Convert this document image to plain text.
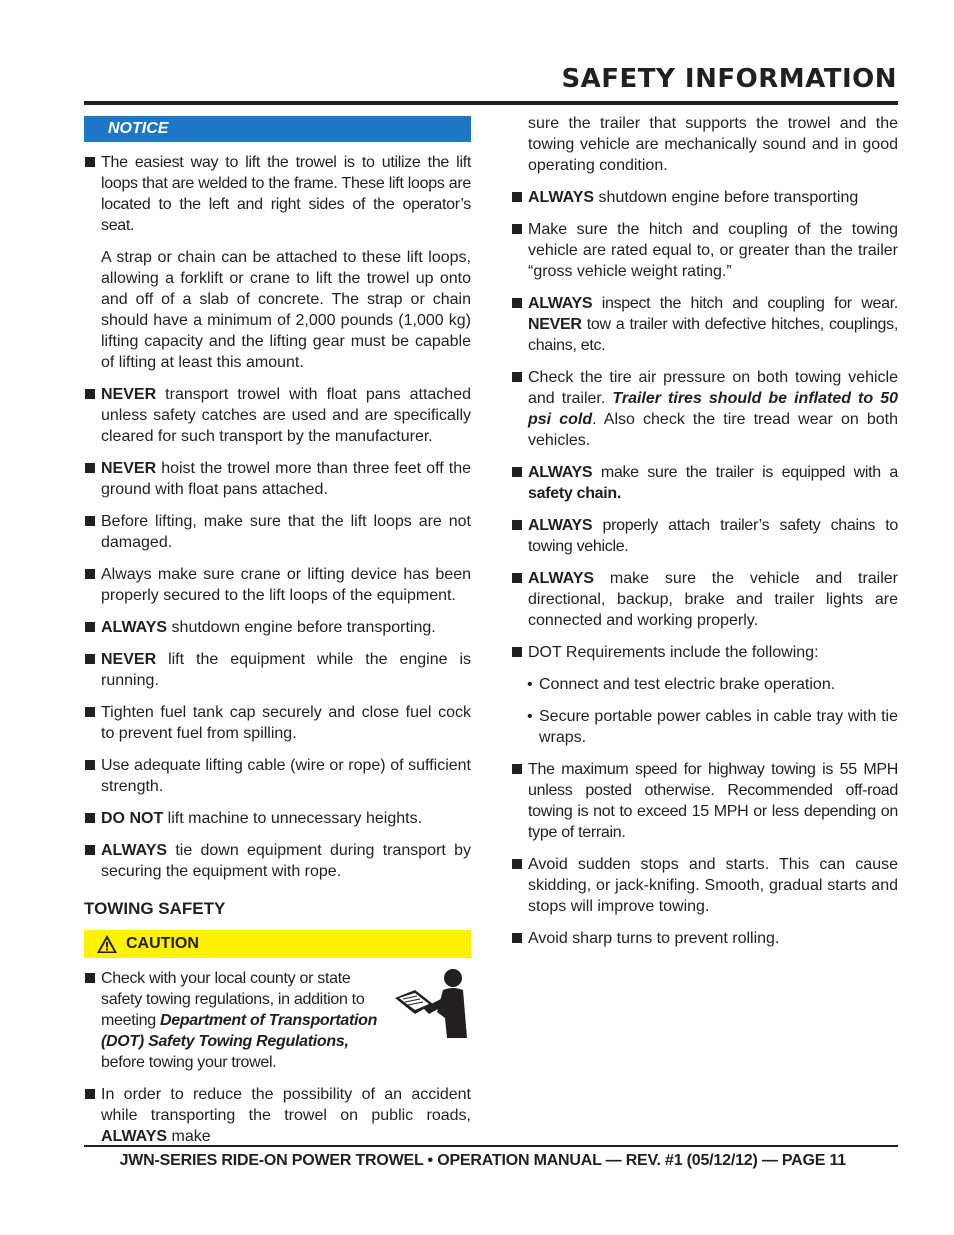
SAFETY INFORMATION
NOTICE
The easiest way to lift the trowel is to utilize the lift loops that are welded to the frame. These lift loops are located to the left and right sides of the operator’s seat.
A strap or chain can be attached to these lift loops, allowing a forklift or crane to lift the trowel up onto and off of a slab of concrete. The strap or chain should have a minimum of 2,000 pounds (1,000 kg) lifting capacity and the lifting gear must be capable of lifting at least this amount.
NEVER transport trowel with float pans attached unless safety catches are used and are specifically cleared for such transport by the manufacturer.
NEVER hoist the trowel more than three feet off the ground with float pans attached.
Before lifting, make sure that the lift loops are not damaged.
Always make sure crane or lifting device has been properly secured to the lift loops of the equipment.
ALWAYS shutdown engine before transporting.
NEVER lift the equipment while the engine is running.
Tighten fuel tank cap securely and close fuel cock to prevent fuel from spilling.
Use adequate lifting cable (wire or rope) of sufficient strength.
DO NOT lift machine to unnecessary heights.
ALWAYS tie down equipment during transport by securing the equipment with rope.
TOWING SAFETY
CAUTION
Check with your local county or state safety towing regulations, in addition to meeting Department of Transportation (DOT) Safety Towing Regulations, before towing your trowel.
In order to reduce the possibility of an accident while transporting the trowel on public roads, ALWAYS make
sure the trailer that supports the trowel and the towing vehicle are mechanically sound and in good operating condition.
ALWAYS shutdown engine before transporting
Make sure the hitch and coupling of the towing vehicle are rated equal to, or greater than the trailer “gross vehicle weight rating.”
ALWAYS inspect the hitch and coupling for wear. NEVER tow a trailer with defective hitches, couplings, chains, etc.
Check the tire air pressure on both towing vehicle and trailer. Trailer tires should be inflated to 50 psi cold. Also check the tire tread wear on both vehicles.
ALWAYS make sure the trailer is equipped with a safety chain.
ALWAYS properly attach trailer’s safety chains to towing vehicle.
ALWAYS make sure the vehicle and trailer directional, backup, brake and trailer lights are connected and working properly.
DOT Requirements include the following:
• Connect and test electric brake operation.
• Secure portable power cables in cable tray with tie wraps.
The maximum speed for highway towing is 55 MPH unless posted otherwise. Recommended off-road towing is not to exceed 15 MPH or less depending on type of terrain.
Avoid sudden stops and starts. This can cause skidding, or jack-knifing. Smooth, gradual starts and stops will improve towing.
Avoid sharp turns to prevent rolling.
JWN-SERIES RIDE-ON POWER TROWEL • OPERATION MANUAL — REV. #1 (05/12/12) — PAGE 11
